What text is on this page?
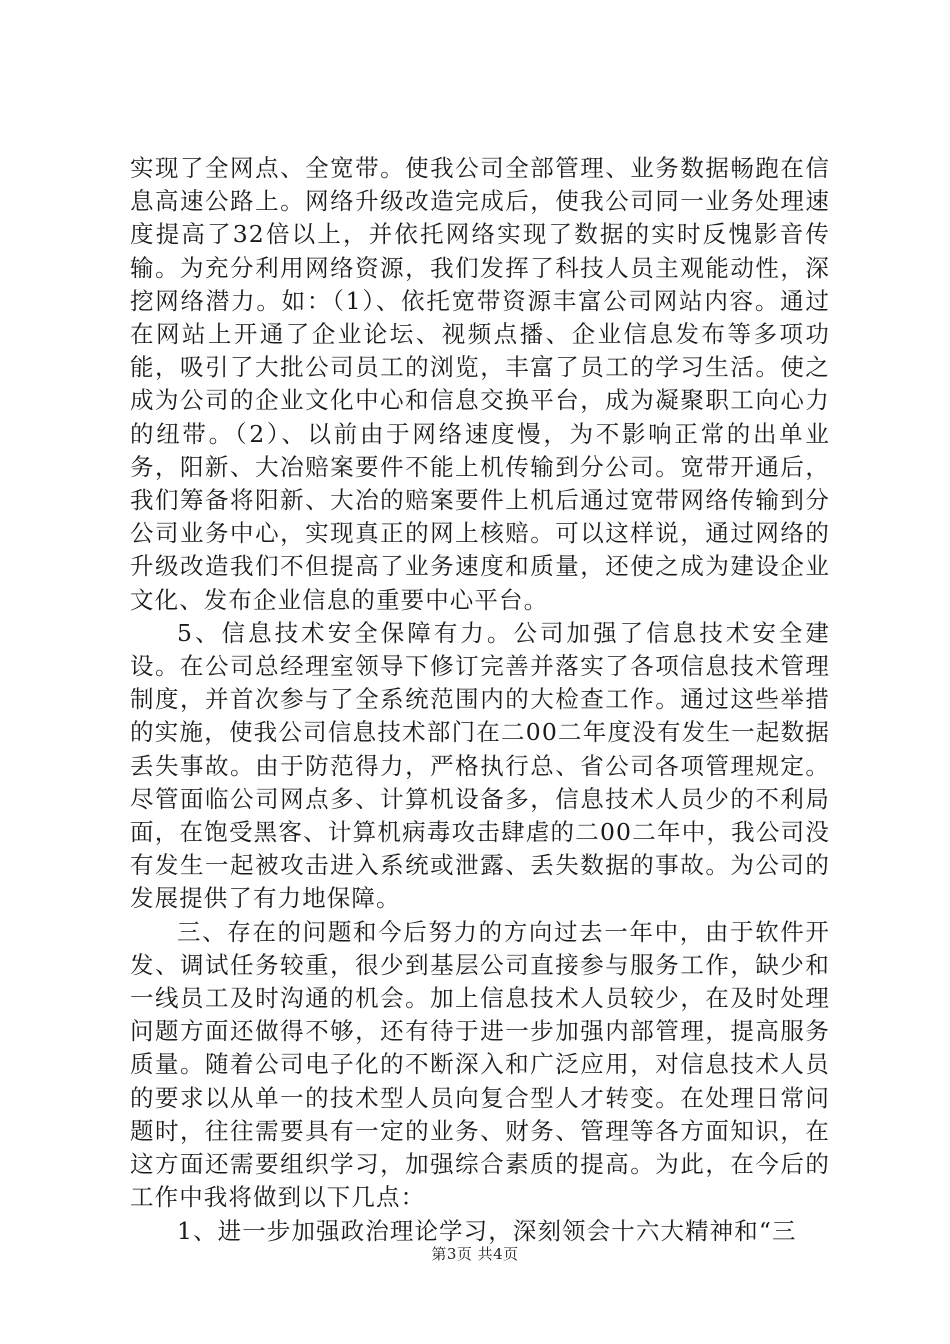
实现了全网点、全宽带。使我公司全部管理、业务数据畅跑在信息高速公路上。网络升级改造完成后，使我公司同一业务处理速度提高了32倍以上，并依托网络实现了数据的实时反愧影音传输。为充分利用网络资源，我们发挥了科技人员主观能动性，深挖网络潜力。如：（1）、依托宽带资源丰富公司网站内容。通过在网站上开通了企业论坛、视频点播、企业信息发布等多项功能，吸引了大批公司员工的浏览，丰富了员工的学习生活。使之成为公司的企业文化中心和信息交换平台，成为凝聚职工向心力的纽带。（2）、以前由于网络速度慢，为不影响正常的出单业务，阳新、大冶赔案要件不能上机传输到分公司。宽带开通后，我们筹备将阳新、大冶的赔案要件上机后通过宽带网络传输到分公司业务中心，实现真正的网上核赔。可以这样说，通过网络的升级改造我们不但提高了业务速度和质量，还使之成为建设企业文化、发布企业信息的重要中心平台。

5、信息技术安全保障有力。公司加强了信息技术安全建设。在公司总经理室领导下修订完善并落实了各项信息技术管理制度，并首次参与了全系统范围内的大检查工作。通过这些举措的实施，使我公司信息技术部门在二00二年度没有发生一起数据丢失事故。由于防范得力，严格执行总、省公司各项管理规定。尽管面临公司网点多、计算机设备多，信息技术人员少的不利局面，在饱受黑客、计算机病毒攻击肆虐的二00二年中，我公司没有发生一起被攻击进入系统或泄露、丢失数据的事故。为公司的发展提供了有力地保障。

三、存在的问题和今后努力的方向过去一年中，由于软件开发、调试任务较重，很少到基层公司直接参与服务工作，缺少和一线员工及时沟通的机会。加上信息技术人员较少，在及时处理问题方面还做得不够，还有待于进一步加强内部管理，提高服务质量。随着公司电子化的不断深入和广泛应用，对信息技术人员的要求以从单一的技术型人员向复合型人才转变。在处理日常问题时，往往需要具有一定的业务、财务、管理等各方面知识，在这方面还需要组织学习，加强综合素质的提高。为此，在今后的工作中我将做到以下几点：

1、进一步加强政治理论学习，深刻领会十六大精神和“三

第3页 共4页
